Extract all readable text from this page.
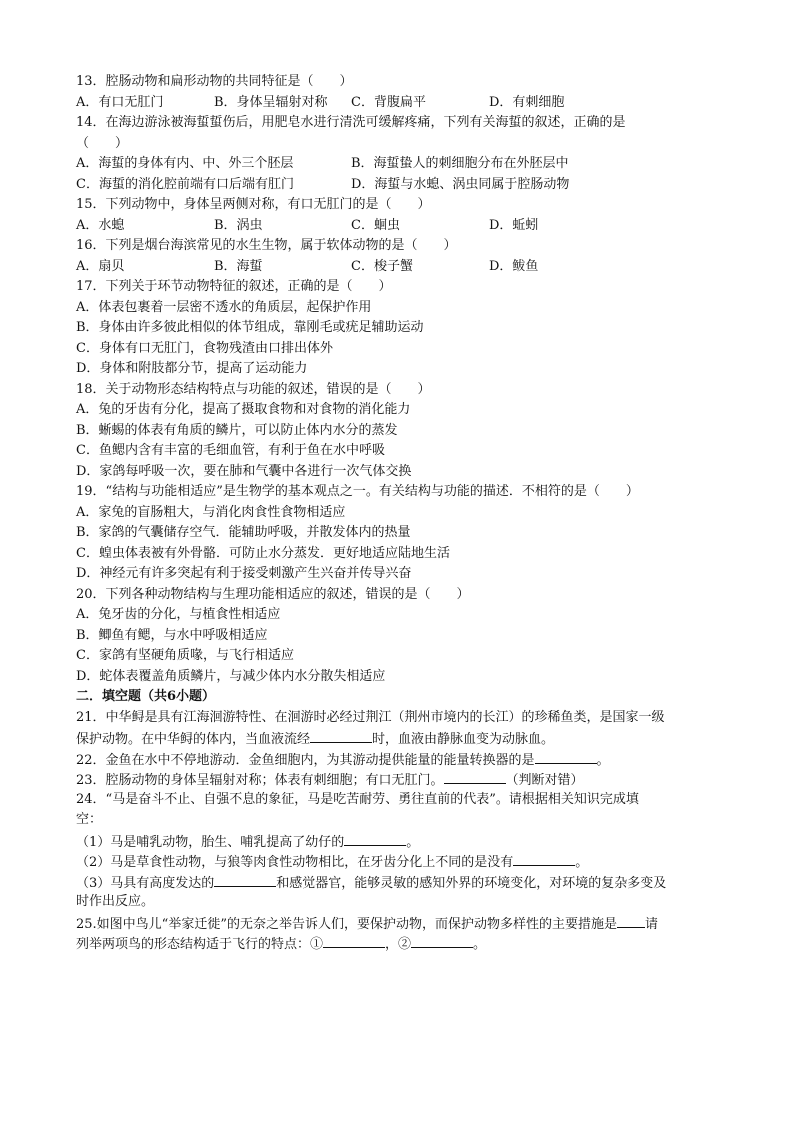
13．腔肠动物和扁形动物的共同特征是（　　）
A．有口无肛门	B．身体呈辐射对称	C．背腹扁平	D．有刺细胞
14．在海边游泳被海蜇蜇伤后，用肥皂水进行清洗可缓解疼痛，下列有关海蜇的叙述，正确的是
（　　）
A．海蜇的身体有内、中、外三个胚层	B．海蜇蛰人的刺细胞分布在外胚层中
C．海蜇的消化腔前端有口后端有肛门	D．海蜇与水螅、涡虫同属于腔肠动物
15．下列动物中，身体呈两侧对称，有口无肛门的是（　　）
A．水螅	B．涡虫	C．蛔虫	D．蚯蚓
16．下列是烟台海滨常见的水生生物，属于软体动物的是（　　）
A．扇贝	B．海蜇	C．梭子蟹	D．鲅鱼
17．下列关于环节动物特征的叙述，正确的是（　　）
A．体表包裹着一层密不透水的角质层，起保护作用
B．身体由许多彼此相似的体节组成，靠刚毛或疣足辅助运动
C．身体有口无肛门，食物残渣由口排出体外
D．身体和附肢都分节，提高了运动能力
18．关于动物形态结构特点与功能的叙述，错误的是（　　）
A．兔的牙齿有分化，提高了摄取食物和对食物的消化能力
B．蜥蜴的体表有角质的鳞片，可以防止体内水分的蒸发
C．鱼鳃内含有丰富的毛细血管，有利于鱼在水中呼吸
D．家鸽每呼吸一次，要在肺和气囊中各进行一次气体交换
19．“结构与功能相适应”是生物学的基本观点之一。有关结构与功能的描述．不相符的是（　　）
A．家兔的盲肠粗大，与消化肉食性食物相适应
B．家鸽的气囊储存空气．能辅助呼吸，并散发体内的热量
C．蝗虫体表被有外骨骼．可防止水分蒸发．更好地适应陆地生活
D．神经元有许多突起有利于接受刺激产生兴奋并传导兴奋
20．下列各种动物结构与生理功能相适应的叙述，错误的是（　　）
A．兔牙齿的分化，与植食性相适应
B．鲫鱼有鳃，与水中呼吸相适应
C．家鸽有坚硬角质喙，与飞行相适应
D．蛇体表覆盖角质鳞片，与减少体内水分散失相适应
二．填空题（共6小题）
21．中华鲟是具有江海洄游特性、在洄游时必经过荆江（荆州市境内的长江）的珍稀鱼类，是国家一级
保护动物。在中华鲟的体内，当血液流经	时，血液由静脉血变为动脉血。
22．金鱼在水中不停地游动．金鱼细胞内，为其游动提供能量的能量转换器的是	。
23．腔肠动物的身体呈辐射对称；体表有刺细胞；有口无肛门。	（判断对错）
24．“马是奋斗不止、自强不息的象征，马是吃苦耐劳、勇往直前的代表”。请根据相关知识完成填
空：
（1）马是哺乳动物，胎生、哺乳提高了幼仔的	。
（2）马是草食性动物，与狼等肉食性动物相比，在牙齿分化上不同的是没有	。
（3）马具有高度发达的	和感觉器官，能够灵敏的感知外界的环境变化，对环境的复杂多变及
时作出反应。
25.如图中鸟儿“举家迁徙”的无奈之举告诉人们，要保护动物，而保护动物多样性的主要措施是 请
列举两项鸟的形态结构适于飞行的特点：①	，②	。
